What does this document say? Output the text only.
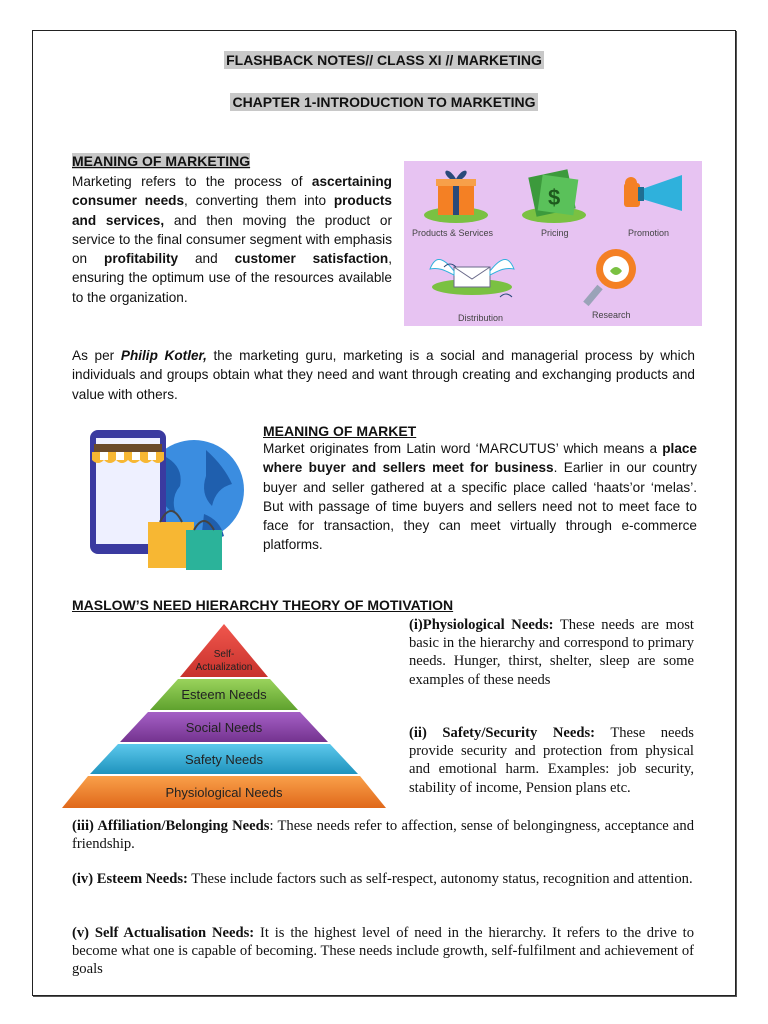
FLASHBACK NOTES// CLASS XI // MARKETING
CHAPTER 1-INTRODUCTION TO MARKETING
MEANING OF MARKETING
Marketing refers to the process of ascertaining consumer needs, converting them into products and services, and then moving the product or service to the final consumer segment with emphasis on profitability and customer satisfaction, ensuring the optimum use of the resources available to the organization.
$
Products & Services	Pricing	Promotion
Distribution	Research
As per Philip Kotler, the marketing guru, marketing is a social and managerial process by which individuals and groups obtain what they need and want through creating and exchanging products and value with others.
MEANING OF MARKET
Market originates from Latin word ‘MARCUTUS’ which means a place where buyer and sellers meet for business. Earlier in our country buyer and seller gathered at a specific place called ‘haats’or ‘melas’. But with passage of time buyers and sellers need not to meet face to face for transaction, they can meet virtually through e-commerce platforms.
MASLOW’S NEED HIERARCHY THEORY OF MOTIVATION
Self-
Actualization
Esteem Needs
Social Needs
Safety Needs
Physiological Needs
(i)Physiological Needs: These needs are most basic in the hierarchy and correspond to primary needs. Hunger, thirst, shelter, sleep are some examples of these needs
(ii) Safety/Security Needs: These needs provide security and protection from physical and emotional harm. Examples: job security, stability of income, Pension plans etc.
(iii) Affiliation/Belonging Needs: These needs refer to affection, sense of belongingness, acceptance and friendship.
(iv) Esteem Needs: These include factors such as self-respect, autonomy status, recognition and attention.
(v) Self Actualisation Needs: It is the highest level of need in the hierarchy. It refers to the drive to become what one is capable of becoming. These needs include growth, self-fulfilment and achievement of goals
